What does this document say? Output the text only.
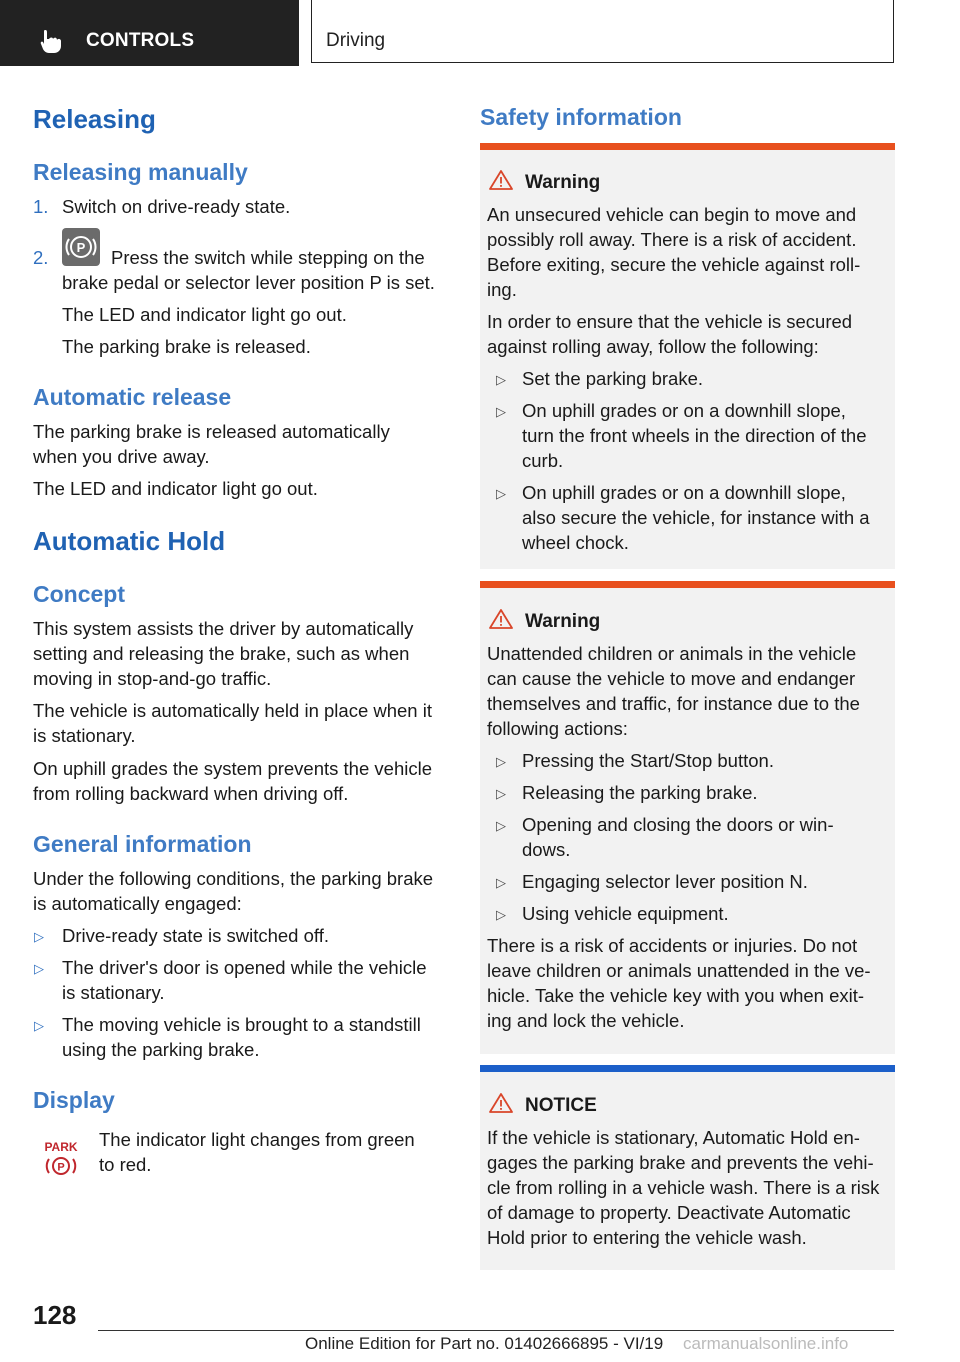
CONTROLS	Driving
Releasing
Releasing manually
1. Switch on drive-ready state.

2. P Press the switch while stepping on the

brake pedal or selector lever position P is set.

The LED and indicator light go out.

The parking brake is released.

Automatic release

The parking brake is released automatically

when you drive away.

The LED and indicator light go out.

Automatic Hold
Concept

This system assists the driver by automatically

setting and releasing the brake, such as when

moving in stop-and-go traffic.

The vehicle is automatically held in place when it

is stationary.

On uphill grades the system prevents the vehicle

from rolling backward when driving off.

General information

Under the following conditions, the parking brake

is automatically engaged:

▷ Drive-ready state is switched off.

▷ The driver's door is opened while the vehicle

is stationary.

▷ The moving vehicle is brought to a standstill

using the parking brake.

Display
PARK
P

The indicator light changes from green

to red.

Safety information
Warning

An unsecured vehicle can begin to move and

possibly roll away. There is a risk of accident.

Before exiting, secure the vehicle against roll‐

ing.

In order to ensure that the vehicle is secured

against rolling away, follow the following:

▷ Set the parking brake.

▷ On uphill grades or on a downhill slope,

turn the front wheels in the direction of the

curb.

▷ On uphill grades or on a downhill slope,

also secure the vehicle, for instance with a

wheel chock.

Warning

Unattended children or animals in the vehicle

can cause the vehicle to move and endanger

themselves and traffic, for instance due to the

following actions:

▷ Pressing the Start/Stop button.

▷ Releasing the parking brake.

▷ Opening and closing the doors or win‐

dows.

▷ Engaging selector lever position N.

▷ Using vehicle equipment.

There is a risk of accidents or injuries. Do not

leave children or animals unattended in the ve‐

hicle. Take the vehicle key with you when exit‐

ing and lock the vehicle.

NOTICE

If the vehicle is stationary, Automatic Hold en‐

gages the parking brake and prevents the vehi‐

cle from rolling in a vehicle wash. There is a risk

of damage to property. Deactivate Automatic

Hold prior to entering the vehicle wash.

128
Online Edition for Part no. 01402666895 - VI/19 carmanualsonline.info
